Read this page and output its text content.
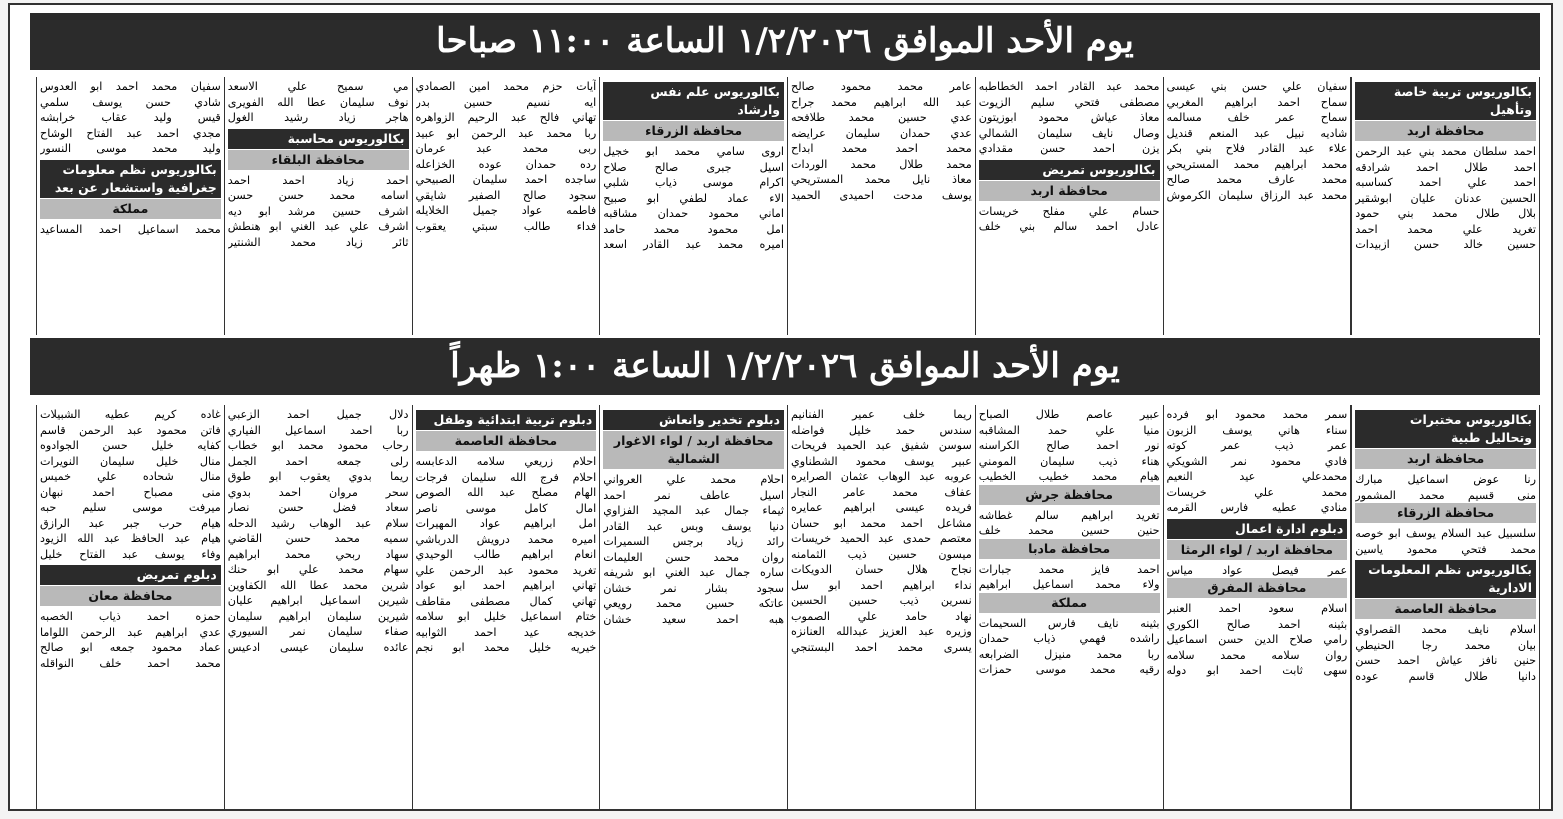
يوم الأحد الموافق ١/٢/٢٠٢٦ الساعة ١١:٠٠ صباحا
بكالوريوس تربية خاصة وتأهيل
محافظة اربد
احمد سلطان محمد بني عبد الرحمن
احمد طلال احمد شرادقه
احمد علي احمد كساسبه
الحسين عدنان عليان ابوشقير
بلال طلال محمد بني حمود
تغريد علي محمد احمد
حسين خالد حسن ازبيدات
سفيان علي حسن بني عيسى
سماح احمد ابراهيم المغربي
سماح عمر خلف مسالمه
شاديه نبيل عبد المنعم قنديل
علاء عبد القادر فلاح بني بكر
محمد ابراهيم محمد المستريحي
محمد عارف محمد صالح
محمد عبد الرزاق سليمان الكرموش
محمد عبد القادر احمد الخطاطبه
مصطفى فتحي سليم الزيوت
معاذ عياش محمود ابوزيتون
وصال نايف سليمان الشمالي
يزن احمد حسن مقدادي
بكالوريوس تمريض
محافظة اربد
حسام علي مفلح خريسات
عادل احمد سالم بني خلف
عامر محمد محمود صالح
عبد الله ابراهيم محمد جراح
عدي حسين محمد طلافحه
عدي حمدان سليمان عرايضه
محمد احمد محمد ابداح
محمد طلال محمد الوردات
معاذ نايل محمد المستريحي
يوسف مدحت احميدى الحميد
بكالوريوس علم نفس وارشاد
محافظة الزرقاء
اروى سامي محمد ابو خجيل
اسيل جبرى صالح صلاح
اكرام موسى ذياب شلبي
الاء عماد لطفي ابو صبيح
اماني محمود حمدان مشاقبه
امل محمود محمد حامد
اميره محمد عبد القادر اسعد
آيات حزم محمد امين الصمادي
ايه نسيم حسين بدر
تهاني فالح عبد الرحيم الزواهره
ربا محمد عبد الرحمن ابو عبيد
ربى محمد عبد عرمان
رده حمدان عوده الخزاعله
ساجده احمد سليمان الصبيحي
سجود صالح الصفير شايقي
فاطمه عواد جميل الخلايله
فداء طالب سبتي يعقوب
مي سميح علي الاسعد
نوف سليمان عطا الله الفويرى
هاجر زياد رشيد الغول
بكالوريوس محاسبة
محافظة البلقاء
احمد زياد احمد احمد
اسامه محمد حسن حسن
اشرف حسين مرشد ابو ديه
اشرف علي عبد الغني ابو هنطش
ثائر زياد محمد الشنتير
سفيان محمد احمد ابو العدوس
شادي حسن يوسف سلمي
قيس وليد عقاب خرابشه
مجدي احمد عبد الفتاح الوشاح
وليد محمد موسى النسور
بكالوريوس نظم معلومات جغرافية واستشعار عن بعد
مملكة
محمد اسماعيل احمد المساعيد
يوم الأحد الموافق ١/٢/٢٠٢٦ الساعة ١:٠٠ ظهراً
بكالوريوس مختبرات وتحاليل طبية
محافظة اربد
رنا عوض اسماعيل مبارك
منى قسيم محمد المشمور
محافظة الزرقاء
سلسبيل عبد السلام يوسف ابو خوصه
محمد فتحي محمود ياسين
بكالوريوس نظم المعلومات الادارية
محافظة العاصمة
اسلام نايف محمد القصراوي
بيان محمد رجا الحنيطي
حنين نافز عياش احمد حسن
دانيا طلال قاسم عوده
سمر محمد محمود ابو فرده
سناء هاني يوسف الزبون
عمر ذيب عمر كوته
فادي محمود نمر الشويكي
محمدعلي عيد النعيم
محمد علي خريسات
منادي عطيه فارس القرمه
دبلوم ادارة اعمال
محافظة اربد / لواء الرمثا
عمر فيصل عواد مياس
محافظة المفرق
اسلام سعود احمد العنبر
بثينه احمد صالح الكوري
رامي صلاح الدين حسن اسماعيل
روان سلامه محمد سلامه
سهى ثابت احمد ابو دوله
عبير عاصم طلال الصباح
منيا علي حمد المشاقبه
نور احمد صالح الكراسنه
هناء ذيب سليمان المومني
هيام محمد خطيب الخطيب
محافظة جرش
تغريد ابراهيم سالم غطاشه
حنين حسين محمد خلف
محافظة مادبا
احمد فايز محمد جبارات
ولاء محمد اسماعيل ابراهيم
مملكة
بثينه نايف فارس السحيمات
راشده فهمي ذياب حمدان
ربا محمد منيزل الضرابعه
رقيه محمد موسى حمزات
ريما خلف عمير الفنانيم
سندس حمد خليل فواضله
سوسن شفيق عبد الحميد فريحات
عبير يوسف محمود الشطناوي
عروبه عبد الوهاب عثمان الصرايره
عفاف محمد عامر النجار
فريده عيسى ابراهيم عمايره
مشاعل احمد محمد ابو حسان
معتصم حمدى عبد الحميد خريسات
ميسون حسين ذيب الثمامنه
نجاح هلال حسان الدويكات
نداء ابراهيم احمد ابو سل
نسرين ذيب حسين الحسين
نهاد حامد علي الصموب
وزيره عبد العزيز عبدالله العنانزه
يسرى محمد احمد البستنجي
دبلوم تخدير وانعاش
محافظة اربد / لواء الاغوار الشمالية
احلام محمد علي العرواني
اسيل عاطف نمر احمد
ثيماء جمال عبد المجيد الفزاوي
دنيا يوسف وبس عبد القادر
رائد زياد برجس السميرات
روان محمد حسن العليمات
ساره جمال عبد الغني ابو شريفه
سجود بشار نمر خشان
عاتكه حسين محمد رويعي
هبه احمد سعيد خشان
دبلوم تربية ابتدائية وطفل
محافظة العاصمة
احلام زريعي سلامه الدعابسه
احلام فرج الله سليمان فرجات
الهام مصلح عبد الله الصوص
امال كامل موسى ناصر
امل ابراهيم عواد المهيرات
اميره محمد درويش الدرباشي
انعام ابراهيم طالب الوحيدي
تغريد محمود عبد الرحمن علي
تهاني ابراهيم احمد ابو عواد
تهاني كمال مصطفى مقاطف
ختام اسماعيل خليل ابو سلامه
خديجه عيد احمد الثوابيه
خيريه خليل محمد ابو نجم
دلال جميل احمد الزعبي
ربا احمد اسماعيل الفياري
رحاب محمود محمد ابو خطاب
رلى جمعه احمد الجمل
ريما بدوي يعقوب ابو طوق
سحر مروان احمد بدوي
سعاد فضل حسن نصار
سلام عبد الوهاب رشيد الدحله
سميه محمد حسن القاضي
سهاد ربحي محمد ابراهيم
سهام محمد علي ابو حنك
شرين محمد عطا الله الكفاوين
شيرين اسماعيل ابراهيم عليان
شيرين سليمان ابراهيم سليمان
صفاء سليمان نمر السيوري
عائده سليمان عيسى ادعيس
غاده كريم عطيه الشبيلات
فاتن محمود عبد الرحمن قاسم
كفايه خليل حسن الجوادوه
منال خليل سليمان النويرات
منال شحاده علي خميس
منى مصباح احمد نبهان
ميرفت موسى سليم حبه
هيام حرب جبر عبد الرازق
هيام عبد الحافظ عبد الله الزيود
وفاء يوسف عبد الفتاح خليل
دبلوم تمريض
محافظة معان
حمزه احمد ذياب الخصبه
عدي ابراهيم عبد الرحمن اللواما
عماد محمود جمعه ابو صالح
محمد احمد خلف النواقله
